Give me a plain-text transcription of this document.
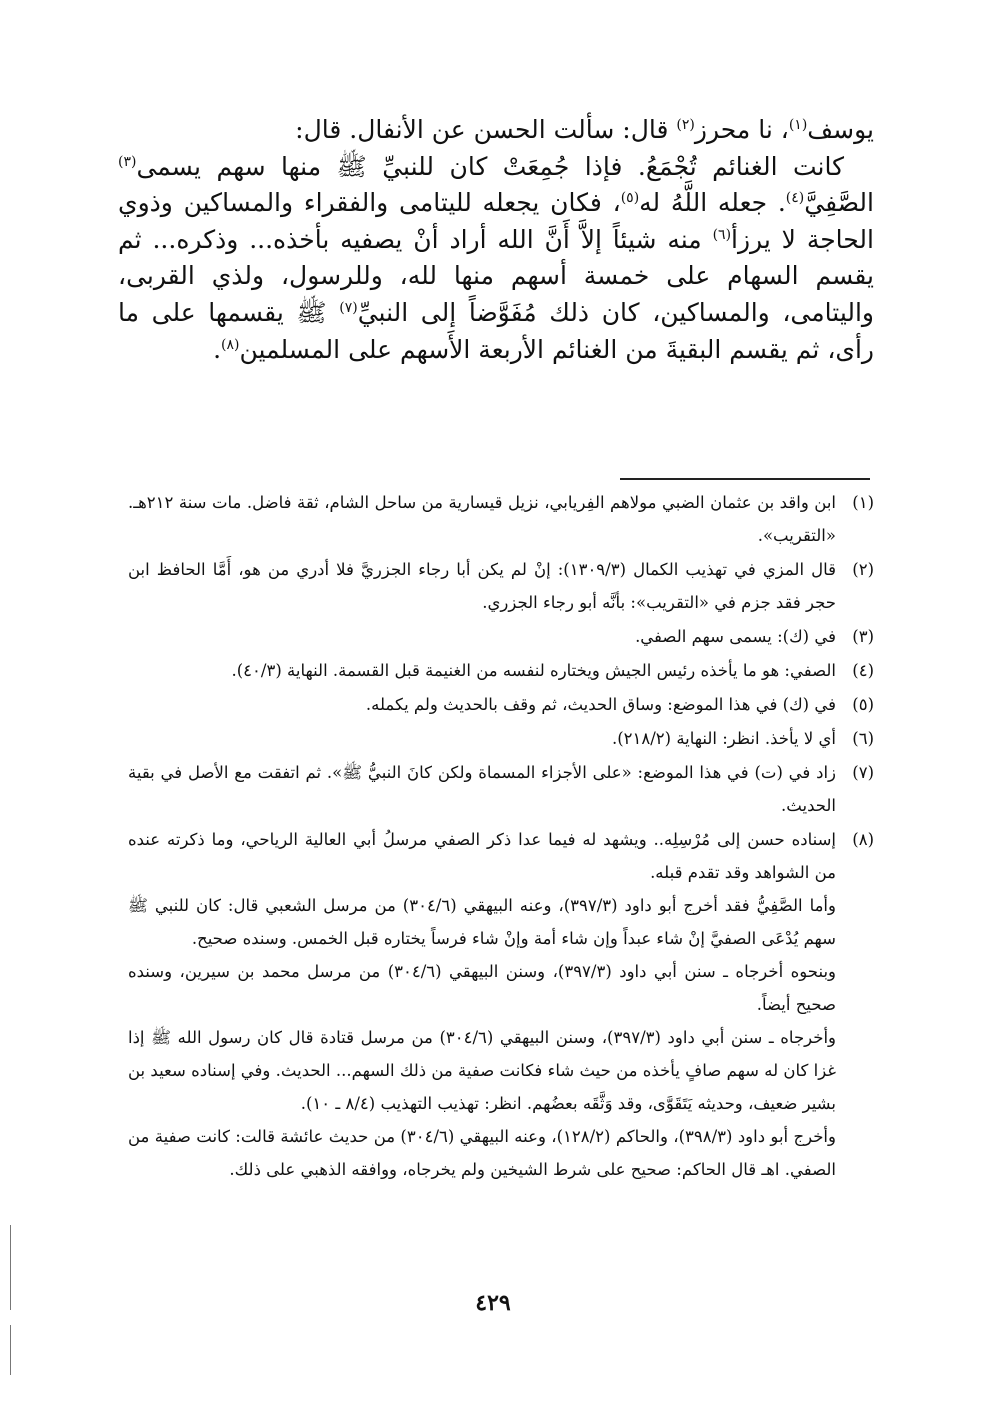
يوسف$^{(١)}$، نا محرز$^{(٢)}$ قال: سألت الحسن عن الأنفال. قال:

كانت الغنائم تُجْمَعُ. فإذا جُمِعَتْ كان للنبيِّ ﷺ منها سهم يسمى$^{(٣)}$ الصَّفِيَّ$^{(٤)}$. جعله اللَّهُ له$^{(٥)}$، فكان يجعله لليتامى والفقراء والمساكين وذوي الحاجة لا يرزأ$^{(٦)}$ منه شيئاً إلاَّ أَنَّ الله أراد أنْ يصفيه بأخذه... وذكره... ثم يقسم السهام على خمسة أسهم منها لله، وللرسول، ولذي القربى، واليتامى، والمساكين، كان ذلك مُفَوَّضاً إلى النبيِّ$^{(٧)}$ ﷺ يقسمها على ما رأى، ثم يقسم البقيةَ من الغنائم الأربعة الأَسهم على المسلمين$^{(٨)}$.

(١)
ابن واقد بن عثمان الضبي مولاهم الفِريابي، نزيل قيسارية من ساحل الشام، ثقة فاضل. مات سنة ٢١٢هـ. «التقريب».
(٢)
قال المزي في تهذيب الكمال (١٣٠٩/٣): إنْ لم يكن أبا رجاء الجزريَّ فلا أدري من هو، أَمَّا الحافظ ابن حجر فقد جزم في «التقريب»: بأنَّه أبو رجاء الجزري.
(٣)
في (ك): يسمى سهم الصفي.
(٤)
الصفي: هو ما يأخذه رئيس الجيش ويختاره لنفسه من الغنيمة قبل القسمة. النهاية (٤٠/٣).
(٥)
في (ك) في هذا الموضع: وساق الحديث، ثم وقف بالحديث ولم يكمله.
(٦)
أي لا يأخذ. انظر: النهاية (٢١٨/٢).
(٧)
زاد في (ت) في هذا الموضع: «على الأجزاء المسماة ولكن كانَ النبيُّ ﷺ». ثم اتفقت مع الأصل في بقية الحديث.
(٨)

إسناده حسن إلى مُرْسِلِه.. ويشهد له فيما عدا ذكر الصفي مرسلُ أبي العالية الرياحي، وما ذكرته عنده من الشواهد وقد تقدم قبله.

وأما الصَّفِيُّ فقد أخرج أبو داود (٣٩٧/٣)، وعنه البيهقي (٣٠٤/٦) من مرسل الشعبي قال: كان للنبي ﷺ سهم يُدْعَى الصفيَّ إنْ شاء عبداً وإن شاء أمة وإنْ شاء فرساً يختاره قبل الخمس. وسنده صحيح.

وبنحوه أخرجاه ـ سنن أبي داود (٣٩٧/٣)، وسنن البيهقي (٣٠٤/٦) من مرسل محمد بن سيرين، وسنده صحيح أيضاً.

وأخرجاه ـ سنن أبي داود (٣٩٧/٣)، وسنن البيهقي (٣٠٤/٦) من مرسل قتادة قال كان رسول الله ﷺ إذا غزا كان له سهم صافٍ يأخذه من حيث شاء فكانت صفية من ذلك السهم... الحديث. وفي إسناده سعيد بن بشير ضعيف، وحديثه يَتَقَوَّى، وقد وَثَّقَه بعضُهم. انظر: تهذيب التهذيب (٨/٤ ـ ١٠).

وأخرج أبو داود (٣٩٨/٣)، والحاكم (١٢٨/٢)، وعنه البيهقي (٣٠٤/٦) من حديث عائشة قالت: كانت صفية من الصفي. اهـ قال الحاكم: صحيح على شرط الشيخين ولم يخرجاه، ووافقه الذهبي على ذلك.

٤٢٩
